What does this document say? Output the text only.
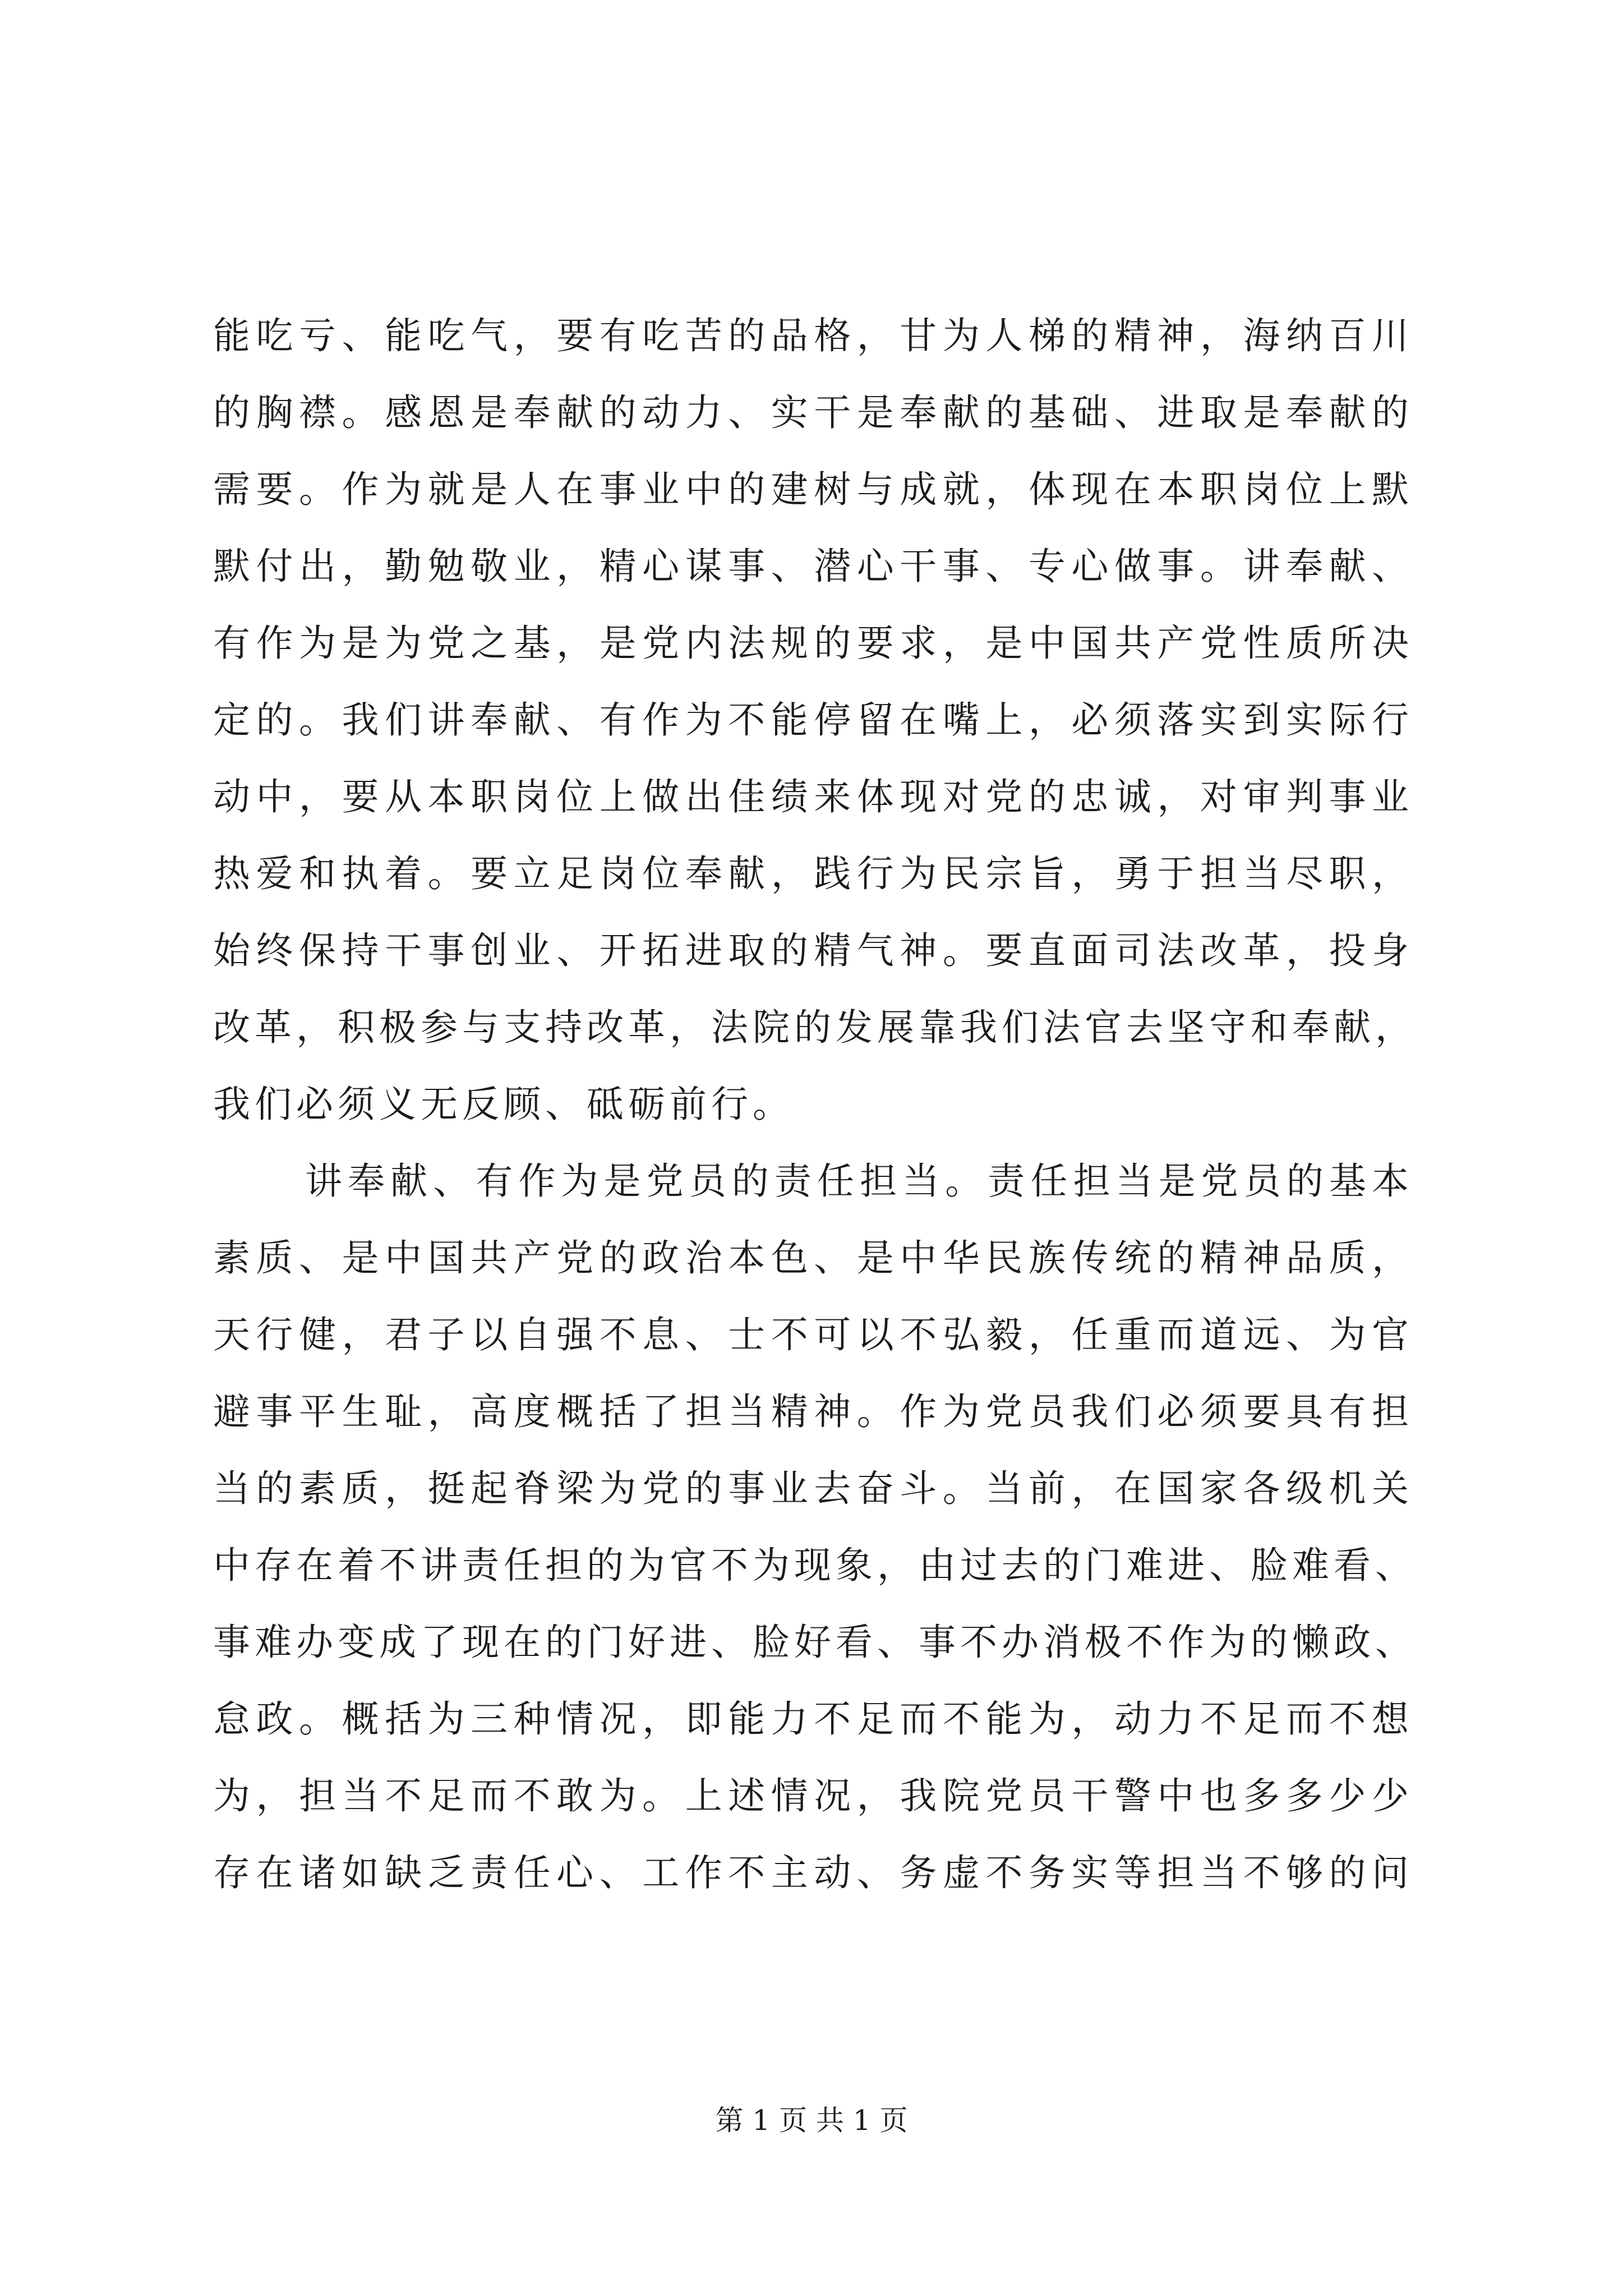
能吃亏、能吃气，要有吃苦的品格，甘为人梯的精神，海纳百川
的胸襟。感恩是奉献的动力、实干是奉献的基础、进取是奉献的
需要。作为就是人在事业中的建树与成就，体现在本职岗位上默
默付出，勤勉敬业，精心谋事、潜心干事、专心做事。讲奉献、
有作为是为党之基，是党内法规的要求，是中国共产党性质所决
定的。我们讲奉献、有作为不能停留在嘴上，必须落实到实际行
动中，要从本职岗位上做出佳绩来体现对党的忠诚，对审判事业
热爱和执着。要立足岗位奉献，践行为民宗旨，勇于担当尽职，
始终保持干事创业、开拓进取的精气神。要直面司法改革，投身
改革，积极参与支持改革，法院的发展靠我们法官去坚守和奉献，
我们必须义无反顾、砥砺前行。
讲奉献、有作为是党员的责任担当。责任担当是党员的基本
素质、是中国共产党的政治本色、是中华民族传统的精神品质，
天行健，君子以自强不息、士不可以不弘毅，任重而道远、为官
避事平生耻，高度概括了担当精神。作为党员我们必须要具有担
当的素质，挺起脊梁为党的事业去奋斗。当前，在国家各级机关
中存在着不讲责任担的为官不为现象，由过去的门难进、脸难看、
事难办变成了现在的门好进、脸好看、事不办消极不作为的懒政、
怠政。概括为三种情况，即能力不足而不能为，动力不足而不想
为，担当不足而不敢为。上述情况，我院党员干警中也多多少少
存在诸如缺乏责任心、工作不主动、务虚不务实等担当不够的问
第 1 页 共 1 页
